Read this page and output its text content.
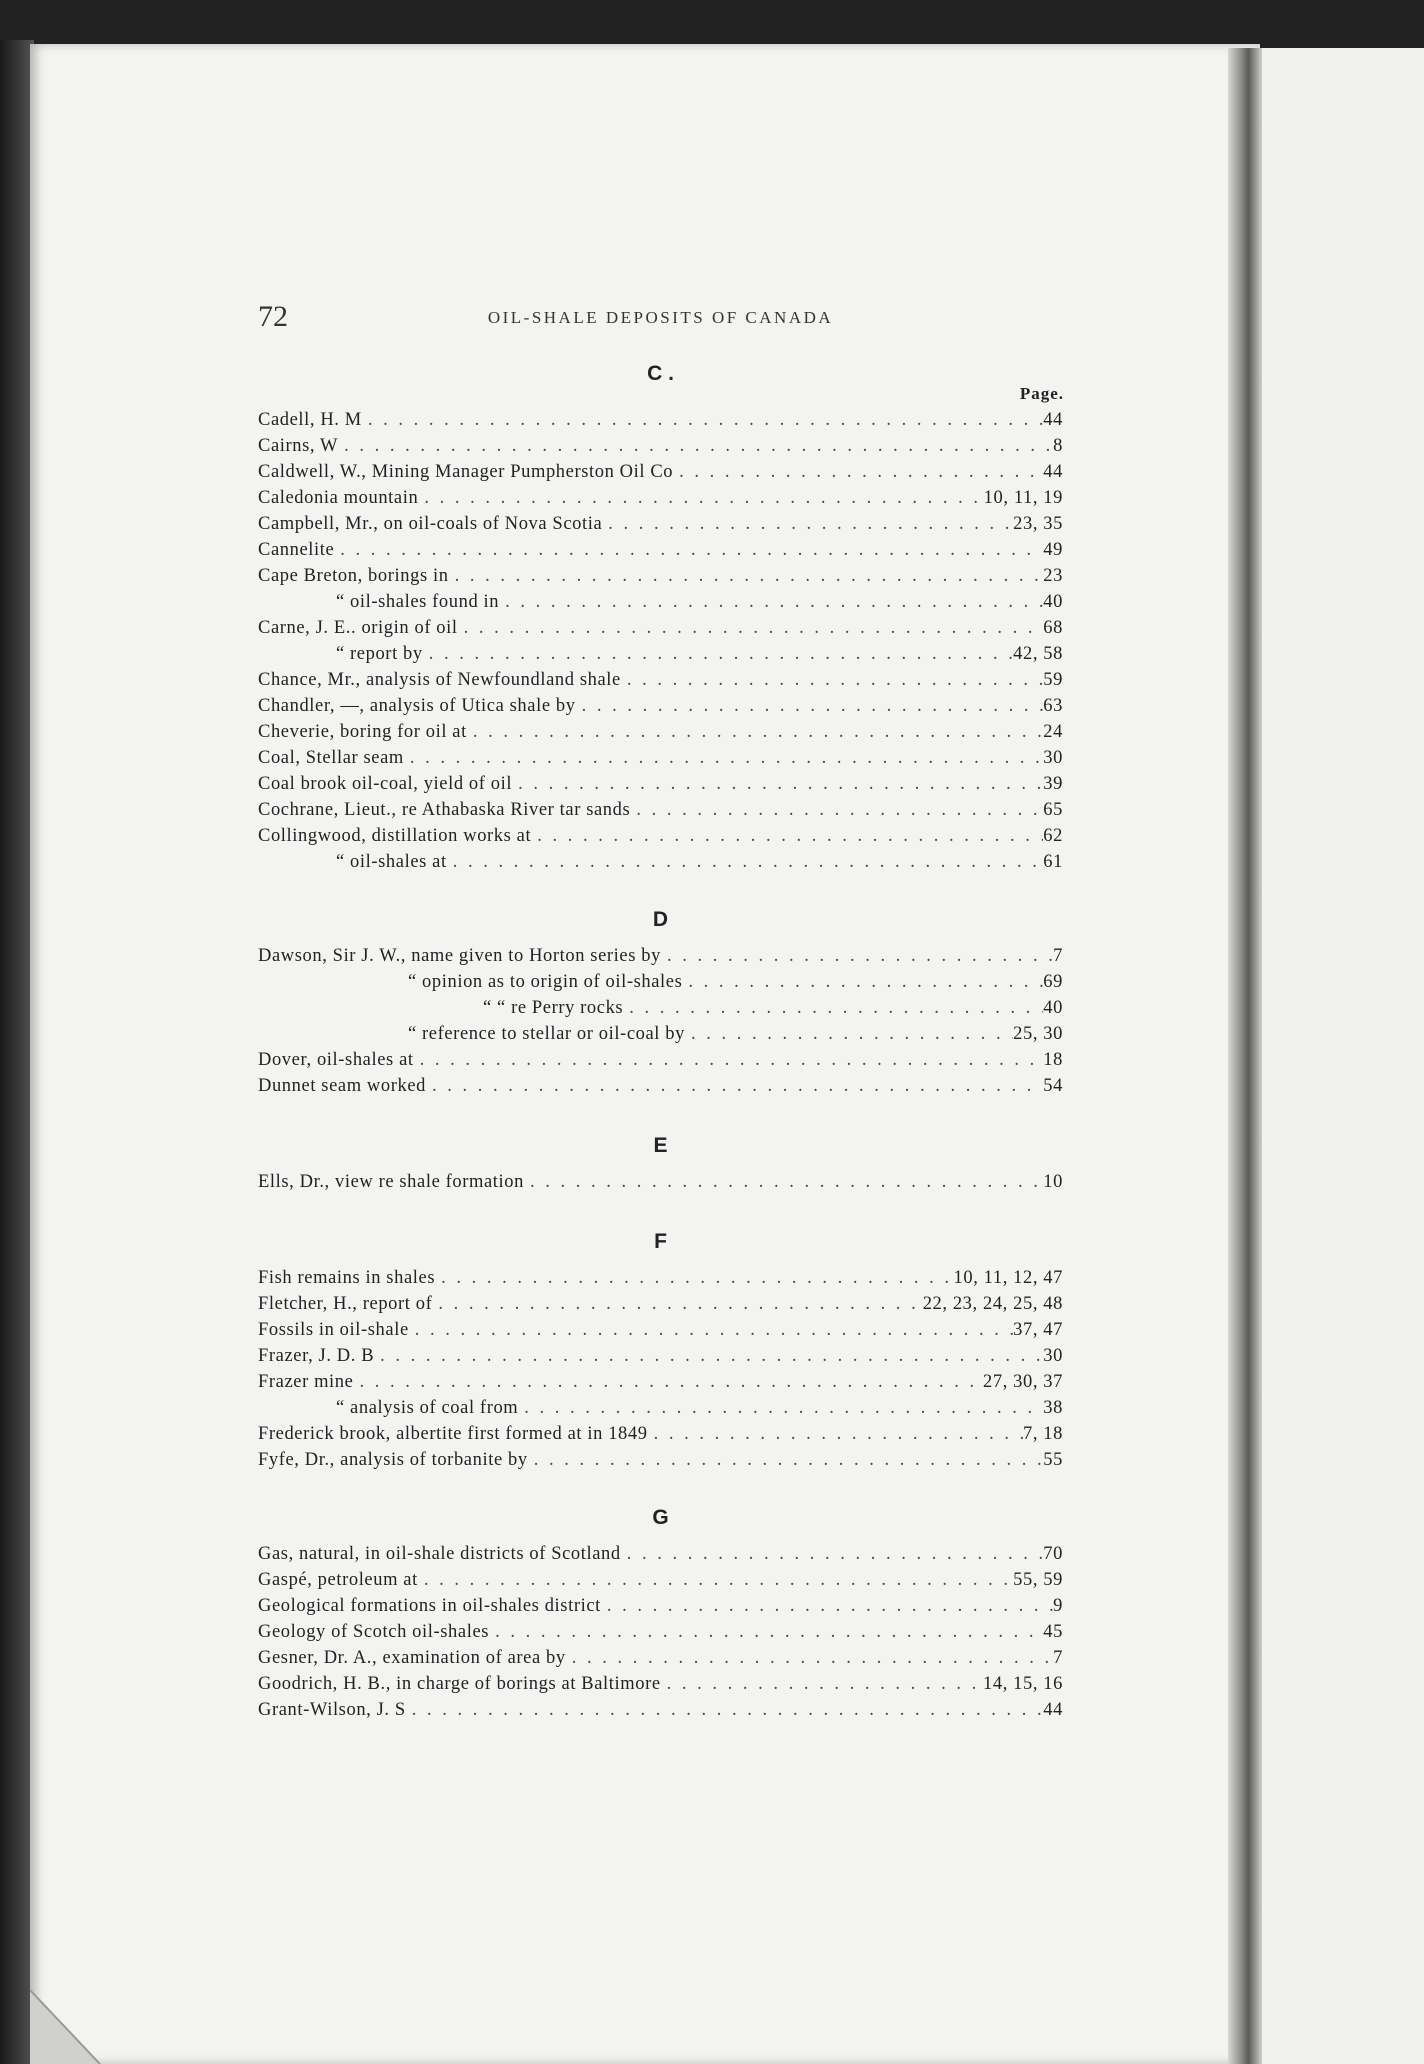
72	OIL-SHALE DEPOSITS OF CANADA
Page.
C .
Cadell, H. M . . .	44
Cairns, W . . .	8
Caldwell, W., Mining Manager Pumpherston Oil Co . . .	44
Caledonia mountain . . .	10, 11, 19
Campbell, Mr., on oil-coals of Nova Scotia . . .	23, 35
Cannelite . . .	49
Cape Breton, borings in . . .	23
“ oil-shales found in . . .	40
Carne, J. E.. origin of oil . . .	68
“ report by . . .	42, 58
Chance, Mr., analysis of Newfoundland shale . . .	59
Chandler, —, analysis of Utica shale by . . .	63
Cheverie, boring for oil at . . .	24
Coal, Stellar seam . . .	30
Coal brook oil-coal, yield of oil . . .	39
Cochrane, Lieut., re Athabaska River tar sands . . .	65
Collingwood, distillation works at . . .	62
“ oil-shales at . . .	61
D
Dawson, Sir J. W., name given to Horton series by . . .	7
“ opinion as to origin of oil-shales . . .	69
“ “ re Perry rocks . . .	40
“ reference to stellar or oil-coal by . . .	25, 30
Dover, oil-shales at . . .	18
Dunnet seam worked . . .	54
E
Ells, Dr., view re shale formation . . .	10
F
Fish remains in shales . . .	10, 11, 12, 47
Fletcher, H., report of . . .	22, 23, 24, 25, 48
Fossils in oil-shale . . .	37, 47
Frazer, J. D. B . . .	30
Frazer mine . . .	27, 30, 37
“ analysis of coal from . . .	38
Frederick brook, albertite first formed at in 1849 . . .	7, 18
Fyfe, Dr., analysis of torbanite by . . .	55
G
Gas, natural, in oil-shale districts of Scotland . . .	70
Gaspé, petroleum at . . .	55, 59
Geological formations in oil-shales district . . .	9
Geology of Scotch oil-shales . . .	45
Gesner, Dr. A., examination of area by . . .	7
Goodrich, H. B., in charge of borings at Baltimore . . .	14, 15, 16
Grant-Wilson, J. S . . .	44
